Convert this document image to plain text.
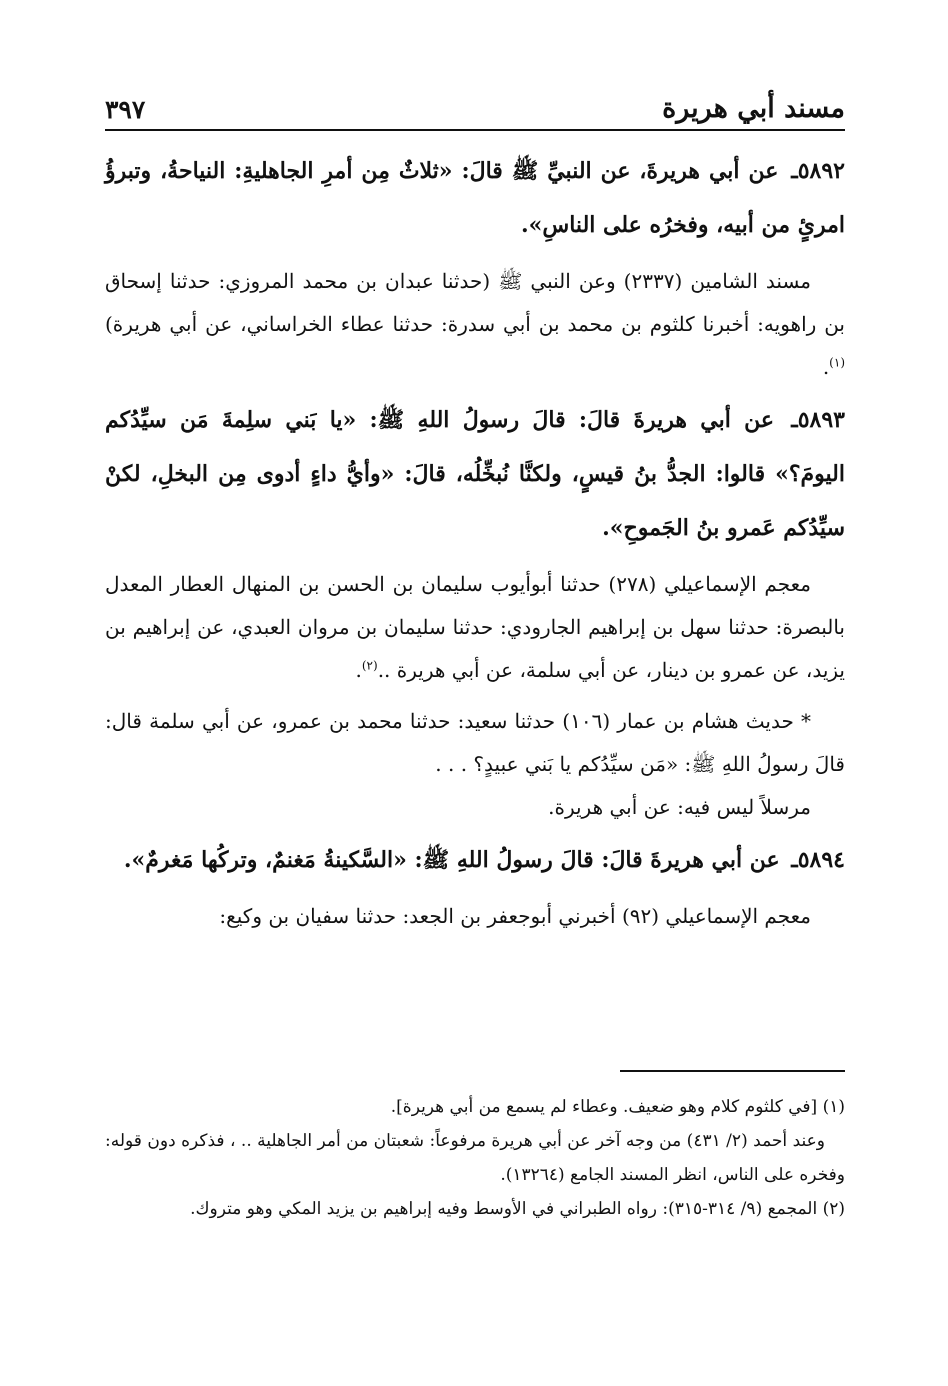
مسند أبي هريرة
٣٩٧

٥٨٩٢ـ عن أبي هريرةَ، عن النبيِّ ﷺ قالَ: «ثلاثٌ مِن أمرِ الجاهليةِ: النياحةُ، وتبرؤُ امرئٍ من أبيه، وفخرُه على الناسِ».

مسند الشامين (٢٣٣٧) وعن النبي ﷺ (حدثنا عبدان بن محمد المروزي: حدثنا إسحاق بن راهويه: أخبرنا كلثوم بن محمد بن أبي سدرة: حدثنا عطاء الخراساني، عن أبي هريرة)$^{(١)}$.

٥٨٩٣ـ عن أبي هريرةَ قالَ: قالَ رسولُ اللهِ ﷺ: «يا بَني سلِمةَ مَن سيِّدُكم اليومَ؟» قالوا: الجدُّ بنُ قيسٍ، ولكنَّا نُبخِّلُه، قالَ: «وأيُّ داءٍ أدوى مِن البخلِ، لكنْ سيِّدُكم عَمرو بنُ الجَموحِ».

معجم الإسماعيلي (٢٧٨) حدثنا أبوأيوب سليمان بن الحسن بن المنهال العطار المعدل بالبصرة: حدثنا سهل بن إبراهيم الجارودي: حدثنا سليمان بن مروان العبدي، عن إبراهيم بن يزيد، عن عمرو بن دينار، عن أبي سلمة، عن أبي هريرة ..$^{(٢)}$.

* حديث هشام بن عمار (١٠٦) حدثنا سعيد: حدثنا محمد بن عمرو، عن أبي سلمة قال: قالَ رسولُ اللهِ ﷺ: «مَن سيِّدُكم يا بَني عبيدٍ؟ . . .

مرسلاً ليس فيه: عن أبي هريرة.

٥٨٩٤ـ عن أبي هريرةَ قالَ: قالَ رسولُ اللهِ ﷺ: «السَّكينةُ مَغنمٌ، وتركُها مَغرمٌ».

معجم الإسماعيلي (٩٢) أخبرني أبوجعفر بن الجعد: حدثنا سفيان بن وكيع:

(١) [في كلثوم كلام وهو ضعيف. وعطاء لم يسمع من أبي هريرة].

وعند أحمد (٢/ ٤٣١) من وجه آخر عن أبي هريرة مرفوعاً: شعبتان من أمر الجاهلية .. ، فذكره دون قوله: وفخره على الناس، انظر المسند الجامع (١٣٢٦٤).

(٢) المجمع (٩/ ٣١٤-٣١٥): رواه الطبراني في الأوسط وفيه إبراهيم بن يزيد المكي وهو متروك.
